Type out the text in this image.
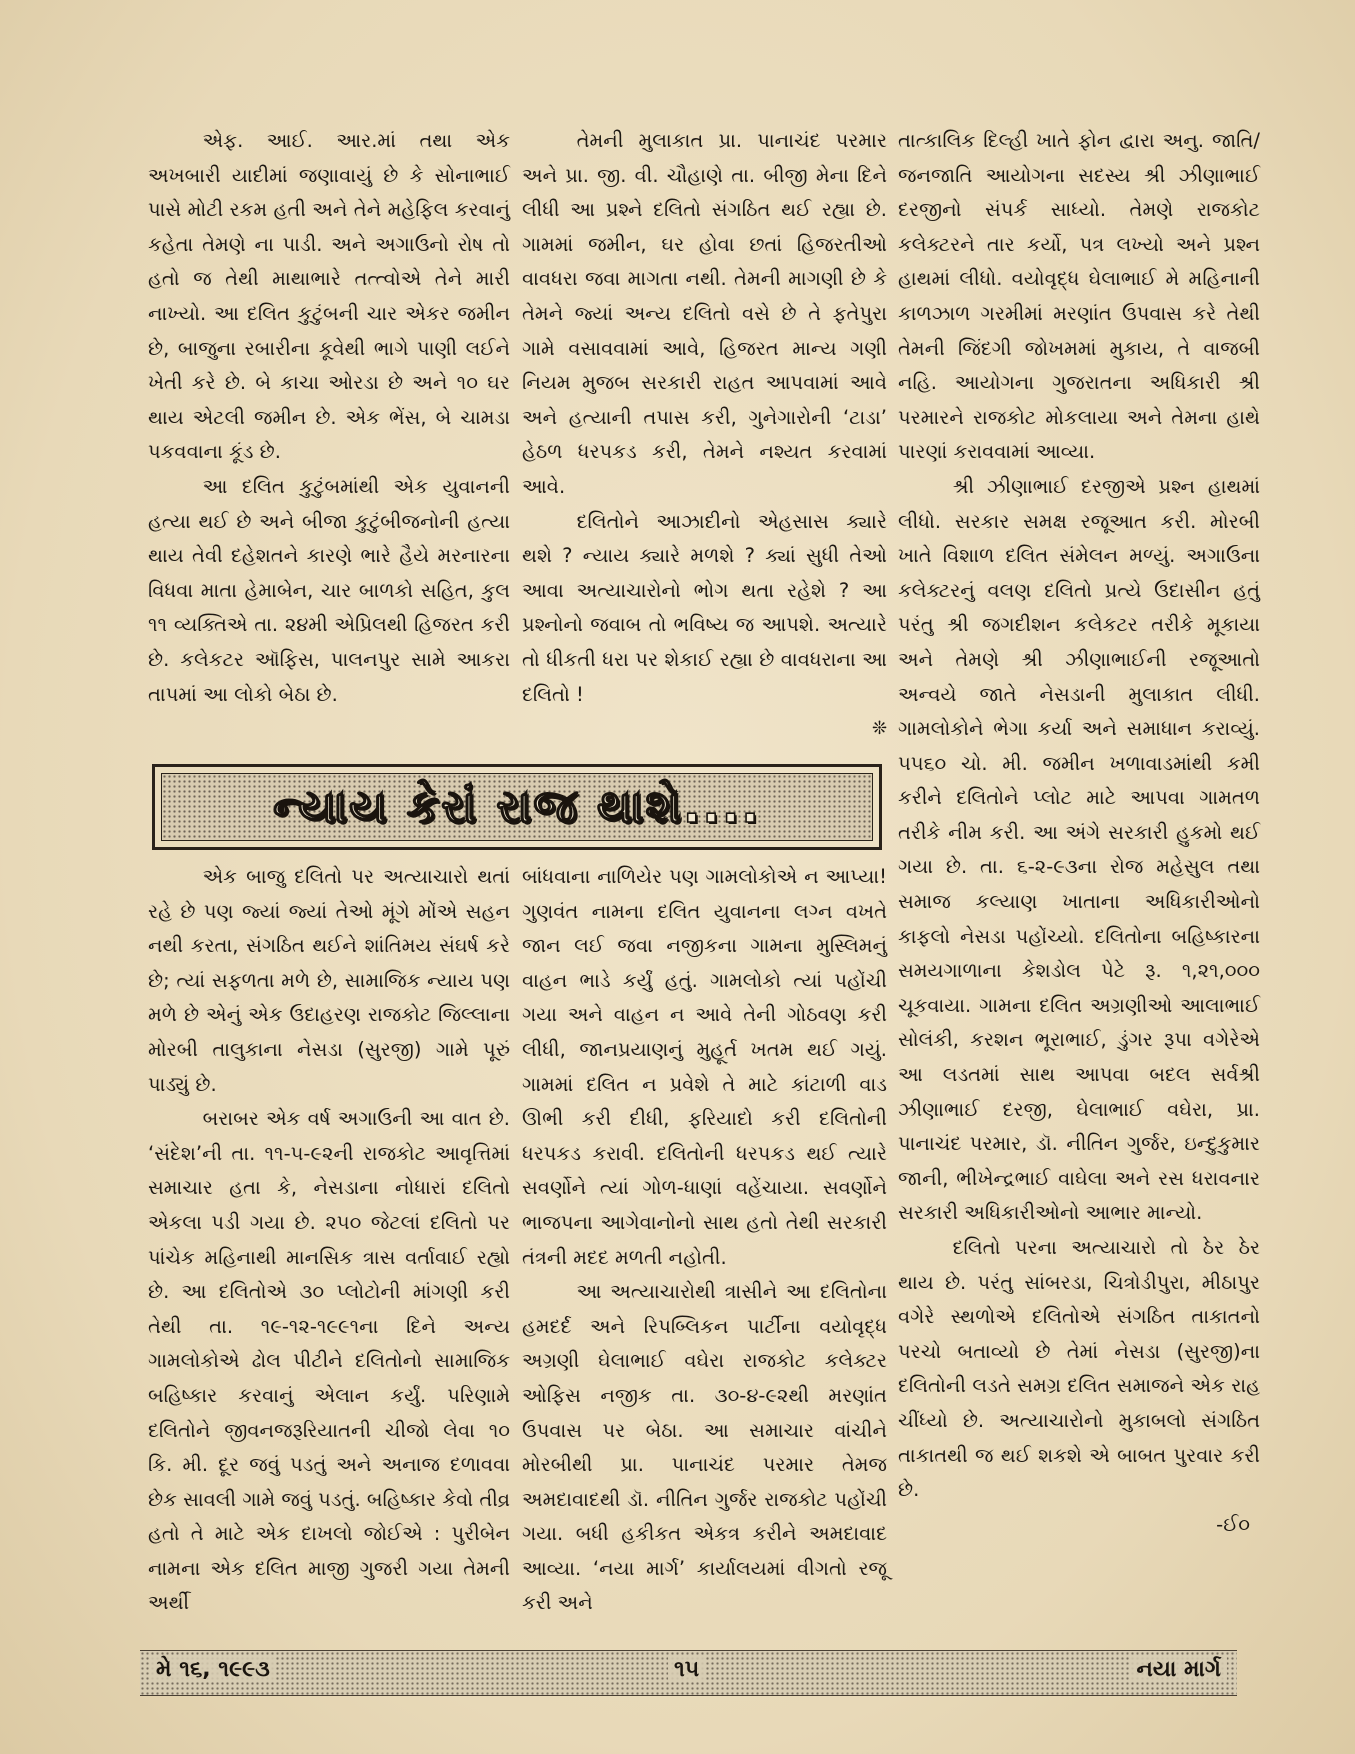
એફ. આઈ. આર.માં તથા એક અખબારી યાદીમાં જણાવાયું છે કે સોનાભાઈ પાસે મોટી રકમ હતી અને તેને મહેફિલ કરવાનું કહેતા તેમણે ના પાડી. અને અગાઉનો રોષ તો હતો જ તેથી માથાભારે તત્ત્વોએ તેને મારી નાખ્યો. આ દલિત કુટુંબની ચાર એકર જમીન છે, બાજુના રબારીના કૂવેથી ભાગે પાણી લઈને ખેતી કરે છે. બે કાચા ઓરડા છે અને ૧૦ ઘર થાય એટલી જમીન છે. એક ભેંસ, બે ચામડા પકવવાના કૂંડ છે.

આ દલિત કુટુંબમાંથી એક યુવાનની હત્યા થઈ છે અને બીજા કુટુંબીજનોની હત્યા થાય તેવી દહેશતને કારણે ભારે હૈયે મરનારના વિધવા માતા હેમાબેન, ચાર બાળકો સહિત, કુલ ૧૧ વ્યક્તિએ તા. ૨૪મી એપ્રિલથી હિજરત કરી છે. કલેકટર ઑફિસ, પાલનપુર સામે આકરા તાપમાં આ લોકો બેઠા છે.

તેમની મુલાકાત પ્રા. પાનાચંદ પરમાર અને પ્રા. જી. વી. ચૌહાણે તા. બીજી મેના દિને લીધી આ પ્રશ્ને દલિતો સંગઠિત થઈ રહ્યા છે. ગામમાં જમીન, ઘર હોવા છતાં હિજરતીઓ વાવધરા જવા માગતા નથી. તેમની માગણી છે કે તેમને જ્યાં અન્ય દલિતો વસે છે તે ફતેપુરા ગામે વસાવવામાં આવે, હિજરત માન્ય ગણી નિયમ મુજબ સરકારી રાહત આપવામાં આવે અને હત્યાની તપાસ કરી, ગુનેગારોની ‘ટાડા’ હેઠળ ધરપકડ કરી, તેમને નશ્યત કરવામાં આવે.

દલિતોને આઝાદીનો એહસાસ ક્યારે થશે ? ન્યાય ક્યારે મળશે ? ક્યાં સુધી તેઓ આવા અત્યાચારોનો ભોગ થતા રહેશે ? આ પ્રશ્નોનો જવાબ તો ભવિષ્ય જ આપશે. અત્યારે તો ધીકતી ધરા પર શેકાઈ રહ્યા છે વાવધરાના આ દલિતો !

❊

તાત્કાલિક દિલ્હી ખાતે ફોન દ્વારા અનુ. જાતિ/જનજાતિ આયોગના સદસ્ય શ્રી ઝીણાભાઈ દરજીનો સંપર્ક સાધ્યો. તેમણે રાજકોટ કલેક્ટરને તાર કર્યો, પત્ર લખ્યો અને પ્રશ્ન હાથમાં લીધો. વયોવૃદ્ધ ઘેલાભાઈ મે મહિનાની કાળઝાળ ગરમીમાં મરણાંત ઉપવાસ કરે તેથી તેમની જિંદગી જોખમમાં મુકાય, તે વાજબી નહિ. આયોગના ગુજરાતના અધિકારી શ્રી પરમારને રાજકોટ મોકલાયા અને તેમના હાથે પારણાં કરાવવામાં આવ્યા.

શ્રી ઝીણાભાઈ દરજીએ પ્રશ્ન હાથમાં લીધો. સરકાર સમક્ષ રજૂઆત કરી. મોરબી ખાતે વિશાળ દલિત સંમેલન મળ્યું. અગાઉના કલેક્ટરનું વલણ દલિતો પ્રત્યે ઉદાસીન હતું પરંતુ શ્રી જગદીશન કલેકટર તરીકે મૂકાયા અને તેમણે શ્રી ઝીણાભાઈની રજૂઆતો અન્વયે જાતે નેસડાની મુલાકાત લીધી. ગામલોકોને ભેગા કર્યા અને સમાધાન કરાવ્યું. ૫૫૬૦ ચો. મી. જમીન ખળાવાડમાંથી કમી કરીને દલિતોને પ્લોટ માટે આપવા ગામતળ તરીકે નીમ કરી. આ અંગે સરકારી હુકમો થઈ ગયા છે. તા. ૬-૨-૯૩ના રોજ મહેસુલ તથા સમાજ કલ્યાણ ખાતાના અધિકારીઓનો કાફલો નેસડા પહોંચ્યો. દલિતોના બહિષ્કારના સમયગાળાના કેશડોલ પેટે રૂ. ૧,૨૧,૦૦૦ ચૂકવાયા. ગામના દલિત અગ્રણીઓ આલાભાઈ સોલંકી, કરશન ભૂરાભાઈ, ડુંગર રૂપા વગેરેએ આ લડતમાં સાથ આપવા બદલ સર્વશ્રી ઝીણાભાઈ દરજી, ઘેલાભાઈ વઘેરા, પ્રા. પાનાચંદ પરમાર, ડૉ. નીતિન ગુર્જર, ઇન્દુકુમાર જાની, ભીખેન્દ્રભાઈ વાઘેલા અને રસ ધરાવનાર સરકારી અધિકારીઓનો આભાર માન્યો.

દલિતો પરના અત્યાચારો તો ઠેર ઠેર થાય છે. પરંતુ સાંબરડા, ચિત્રોડીપુરા, મીઠાપુર વગેરે સ્થળોએ દલિતોએ સંગઠિત તાકાતનો પરચો બતાવ્યો છે તેમાં નેસડા (સુરજી)ના દલિતોની લડતે સમગ્ર દલિત સમાજને એક રાહ ચીંધ્યો છે. અત્યાચારોનો મુકાબલો સંગઠિત તાકાતથી જ થઈ શકશે એ બાબત પુરવાર કરી છે.

-ઈ૦
ન્યાય કેરાં રાજ થાશે....

એક બાજુ દલિતો પર અત્યાચારો થતાં રહે છે પણ જ્યાં જ્યાં તેઓ મૂંગે મોંએ સહન નથી કરતા, સંગઠિત થઈને શાંતિમય સંઘર્ષ કરે છે; ત્યાં સફળતા મળે છે, સામાજિક ન્યાય પણ મળે છે એનું એક ઉદાહરણ રાજકોટ જિલ્લાના મોરબી તાલુકાના નેસડા (સુરજી) ગામે પૂરું પાડ્યું છે.

બરાબર એક વર્ષ અગાઉની આ વાત છે. ‘સંદેશ’ની તા. ૧૧-૫-૯૨ની રાજકોટ આવૃત્તિમાં સમાચાર હતા કે, નેસડાના નોધારાં દલિતો એકલા પડી ગયા છે. ૨૫૦ જેટલાં દલિતો પર પાંચેક મહિનાથી માનસિક ત્રાસ વર્તાવાઈ રહ્યો છે. આ દલિતોએ ૩૦ પ્લોટોની માંગણી કરી તેથી તા. ૧૯-૧૨-૧૯૯૧ના દિને અન્ય ગામલોકોએ ઢોલ પીટીને દલિતોનો સામાજિક બહિષ્કાર કરવાનું એલાન કર્યું. પરિણામે દલિતોને જીવનજરૂરિયાતની ચીજો લેવા ૧૦ કિ. મી. દૂર જવું પડતું અને અનાજ દળાવવા છેક સાવલી ગામે જવું પડતું. બહિષ્કાર કેવો તીવ્ર હતો તે માટે એક દાખલો જોઈએ : પુરીબેન નામના એક દલિત માજી ગુજરી ગયા તેમની અર્થી

બાંધવાના નાળિયેર પણ ગામલોકોએ ન આપ્યા! ગુણવંત નામના દલિત યુવાનના લગ્ન વખતે જાન લઈ જવા નજીકના ગામના મુસ્લિમનું વાહન ભાડે કર્યું હતું. ગામલોકો ત્યાં પહોંચી ગયા અને વાહન ન આવે તેની ગોઠવણ કરી લીધી, જાનપ્રયાણનું મુહૂર્ત ખતમ થઈ ગયું. ગામમાં દલિત ન પ્રવેશે તે માટે કાંટાળી વાડ ઊભી કરી દીધી, ફરિયાદો કરી દલિતોની ધરપકડ કરાવી. દલિતોની ધરપકડ થઈ ત્યારે સવર્ણોને ત્યાં ગોળ-ધાણાં વહેંચાયા. સવર્ણોને ભાજપના આગેવાનોનો સાથ હતો તેથી સરકારી તંત્રની મદદ મળતી નહોતી.

આ અત્યાચારોથી ત્રાસીને આ દલિતોના હમદર્દ અને રિપબ્લિકન પાર્ટીના વયોવૃદ્ધ અગ્રણી ઘેલાભાઈ વઘેરા રાજકોટ કલેક્ટર ઓફિસ નજીક તા. ૩૦-૪-૯૨થી મરણાંત ઉપવાસ પર બેઠા. આ સમાચાર વાંચીને મોરબીથી પ્રા. પાનાચંદ પરમાર તેમજ અમદાવાદથી ડૉ. નીતિન ગુર્જર રાજકોટ પહોંચી ગયા. બધી હકીકત એકત્ર કરીને અમદાવાદ આવ્યા. ‘નયા માર્ગ’ કાર્યાલયમાં વીગતો રજૂ કરી અને

મે ૧૬, ૧૯૯૩	૧૫	નયા માર્ગ
